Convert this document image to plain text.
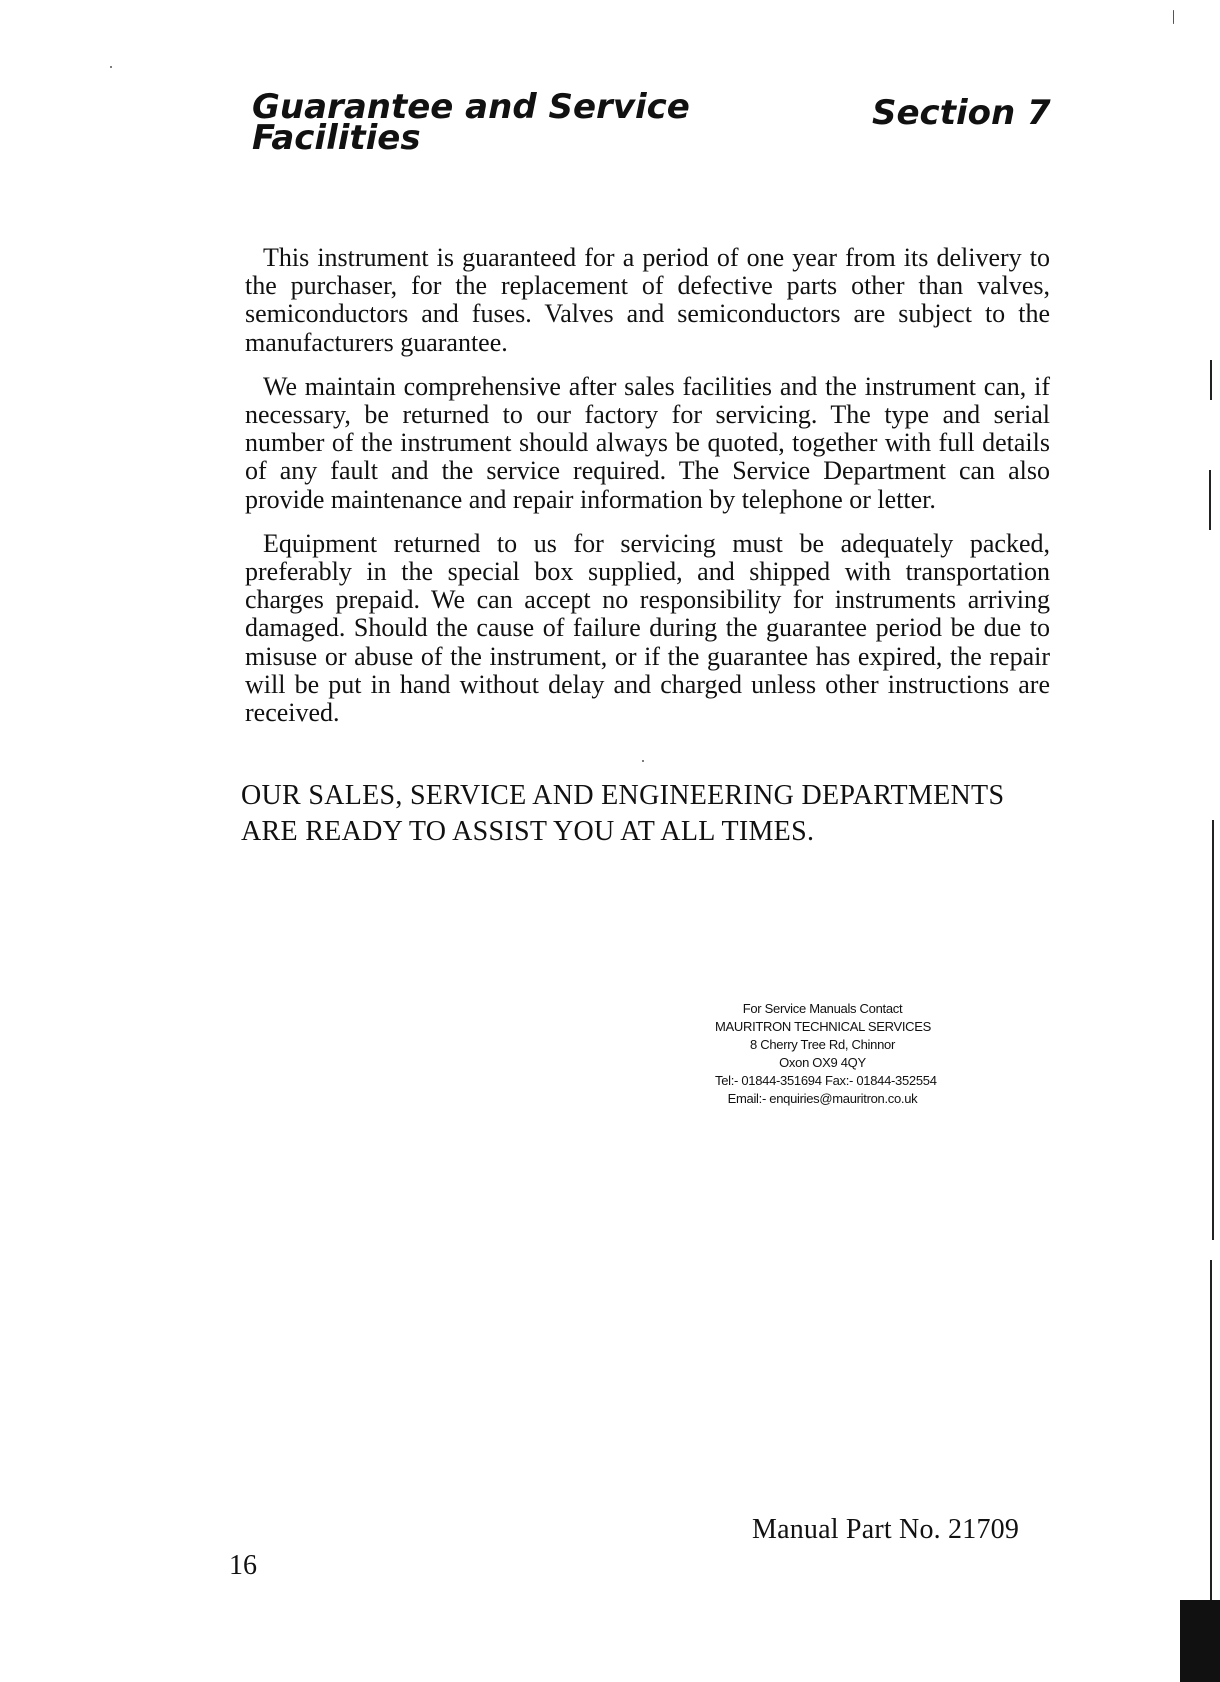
Guarantee and Service
Facilities
Section 7

This instrument is guaranteed for a period of one year from its delivery to the purchaser, for the replacement of defective parts other than valves, semiconductors and fuses. Valves and semiconductors are subject to the manufacturers guarantee.

We maintain comprehensive after sales facilities and the instrument can, if necessary, be returned to our factory for servicing. The type and serial number of the instrument should always be quoted, together with full details of any fault and the service required. The Service Department can also provide maintenance and repair information by telephone or letter.

Equipment returned to us for servicing must be adequately packed, preferably in the special box supplied, and shipped with transportation charges prepaid. We can accept no responsibility for instruments arriving damaged. Should the cause of failure during the guarantee period be due to misuse or abuse of the instrument, or if the guarantee has expired, the repair will be put in hand without delay and charged unless other instructions are received.

OUR SALES, SERVICE AND ENGINEERING DEPARTMENTS
ARE READY TO ASSIST YOU AT ALL TIMES.
For Service Manuals Contact
MAURITRON TECHNICAL SERVICES
8 Cherry Tree Rd, Chinnor
Oxon OX9 4QY
Tel:- 01844-351694 Fax:- 01844-352554
Email:- enquiries@mauritron.co.uk
Manual Part No. 21709
16
